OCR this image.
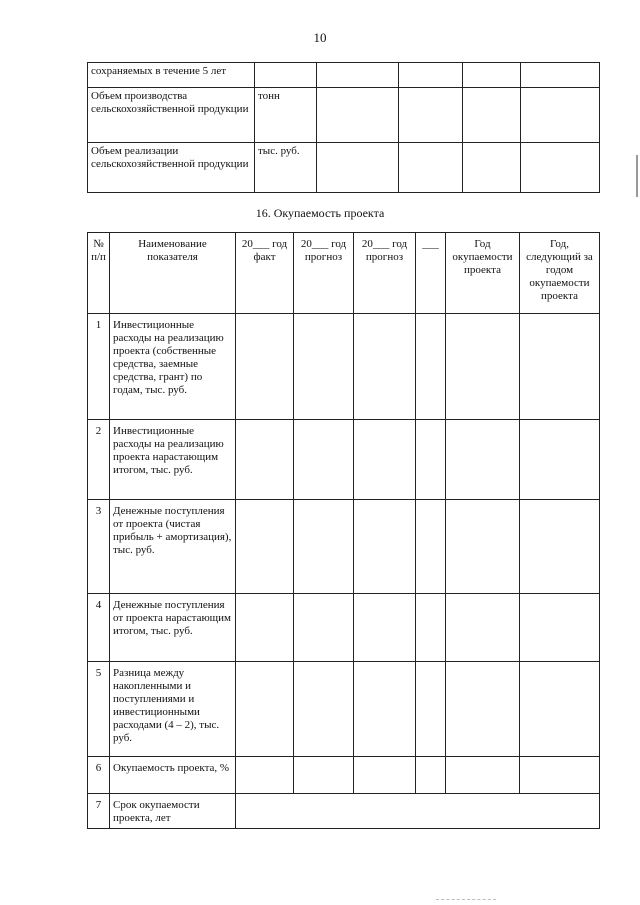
10
сохраняемых в течение 5 лет					
Объем производства сельскохозяйственной продукции	тонн				
Объем реализации сельскохозяйственной продукции	тыс. руб.				
16. Окупаемость проекта
№ п/п	Наименование показателя	20___ год факт	20___ год прогноз	20___ год прогноз	___	Год окупаемости проекта	Год, следующий за годом окупаемости проекта
1	Инвестиционные расходы на реализацию проекта (собственные средства, заемные средства, грант) по годам, тыс. руб.						
2	Инвестиционные расходы на реализацию проекта нарастающим итогом, тыс. руб.						
3	Денежные поступления от проекта (чистая прибыль + амортизация), тыс. руб.						
4	Денежные поступления от проекта нарастающим итогом, тыс. руб.						
5	Разница между накопленными и поступлениями и инвестиционными расходами (4 – 2), тыс. руб.						
6	Окупаемость проекта, %						
7	Срок окупаемости проекта, лет						
